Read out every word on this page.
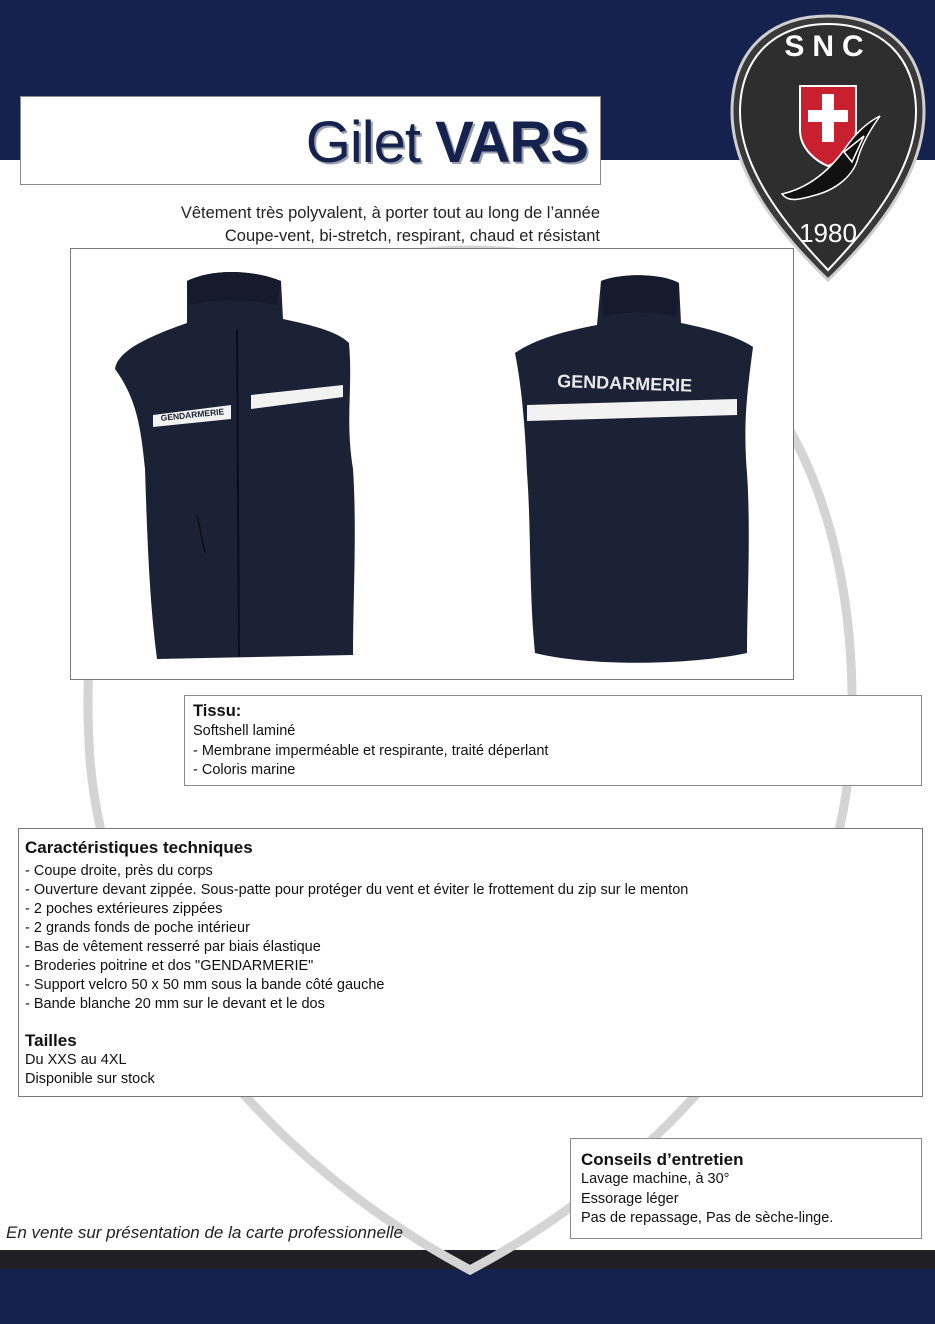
Gilet VARS
Vêtement très polyvalent, à porter tout au long de l’année
Coupe-vent, bi-stretch, respirant, chaud et résistant
SNC
1980
GENDARMERIE
GENDARMERIE
Tissu:
Softshell laminé
- Membrane imperméable et respirante, traité déperlant
- Coloris marine
Caractéristiques techniques
- Coupe droite, près du corps
- Ouverture devant zippée. Sous-patte pour protéger du vent et éviter le frottement du zip sur le menton
- 2 poches extérieures zippées
- 2 grands fonds de poche intérieur
- Bas de vêtement resserré par biais élastique
- Broderies poitrine et dos "GENDARMERIE"
- Support velcro 50 x 50 mm sous la bande côté gauche
- Bande blanche 20 mm sur le devant et le dos
Tailles
Du XXS au 4XL
Disponible sur stock
Conseils d’entretien
Lavage machine, à 30°
Essorage léger
Pas de repassage, Pas de sèche-linge.
En vente sur présentation de la carte professionnelle
